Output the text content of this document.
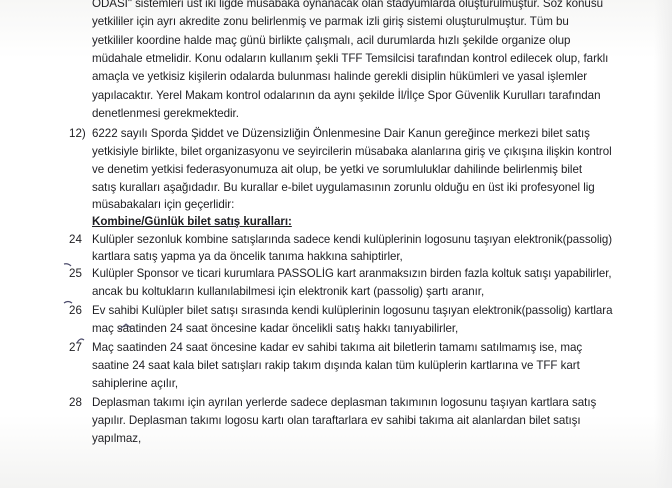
ODASI" sistemleri üst iki ligde müsabaka oynanacak olan stadyumlarda oluşturulmuştur. Söz konusu
yetkililer için ayrı akredite zonu belirlenmiş ve parmak izli giriş sistemi oluşturulmuştur. Tüm bu
yetkililer koordine halde maç günü birlikte çalışmalı, acil durumlarda hızlı şekilde organize olup
müdahale etmelidir. Konu odaların kullanım şekli TFF Temsilcisi tarafından kontrol edilecek olup, farklı
amaçla ve yetkisiz kişilerin odalarda bulunması halinde gerekli disiplin hükümleri ve yasal işlemler
yapılacaktır. Yerel Makam kontrol odalarının da aynı şekilde İl/İlçe Spor Güvenlik Kurulları tarafından
denetlenmesi gerekmektedir.
12) 6222 sayılı Sporda Şiddet ve Düzensizliğin Önlenmesine Dair Kanun gereğince merkezi bilet satış
yetkisiyle birlikte, bilet organizasyonu ve seyircilerin müsabaka alanlarına giriş ve çıkışına ilişkin kontrol
ve denetim yetkisi federasyonumuza ait olup, be yetki ve sorumluluklar dahilinde belirlenmiş bilet
satış kuralları aşağıdadır. Bu kurallar e-bilet uygulamasının zorunlu olduğu en üst iki profesyonel lig
müsabakaları için geçerlidir:
Kombine/Günlük bilet satış kuralları:
24 Kulüpler sezonluk kombine satışlarında sadece kendi kulüplerinin logosunu taşıyan elektronik(passolig)
kartlara satış yapma ya da öncelik tanıma hakkına sahiptirler,
25 Kulüpler Sponsor ve ticari kurumlara PASSOLİG kart aranmaksızın birden fazla koltuk satışı yapabilirler,
ancak bu koltukların kullanılabilmesi için elektronik kart (passolig) şartı aranır,
26 Ev sahibi Kulüpler bilet satışı sırasında kendi kulüplerinin logosunu taşıyan elektronik(passolig) kartlara
maç saatinden 24 saat öncesine kadar öncelikli satış hakkı tanıyabilirler,
27 Maç saatinden 24 saat öncesine kadar ev sahibi takıma ait biletlerin tamamı satılmamış ise, maç
saatine 24 saat kala bilet satışları rakip takım dışında kalan tüm kulüplerin kartlarına ve TFF kart
sahiplerine açılır,
28 Deplasman takımı için ayrılan yerlerde sadece deplasman takımının logosunu taşıyan kartlara satış
yapılır. Deplasman takımı logosu kartı olan taraftarlara ev sahibi takıma ait alanlardan bilet satışı
yapılmaz,
